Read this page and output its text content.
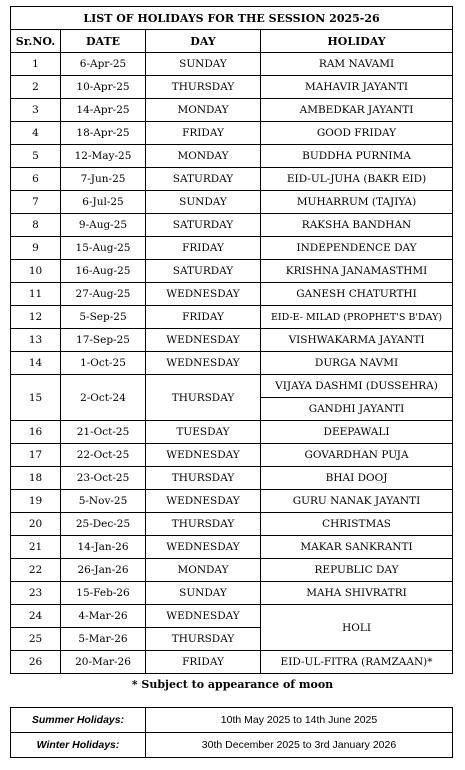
LIST OF HOLIDAYS FOR THE SESSION 2025-26			
Sr.NO.	DATE	DAY	HOLIDAY
1	6-Apr-25	SUNDAY	RAM NAVAMI
2	10-Apr-25	THURSDAY	MAHAVIR JAYANTI
3	14-Apr-25	MONDAY	AMBEDKAR JAYANTI
4	18-Apr-25	FRIDAY	GOOD FRIDAY
5	12-May-25	MONDAY	BUDDHA PURNIMA
6	7-Jun-25	SATURDAY	EID-UL-JUHA (BAKR EID)
7	6-Jul-25	SUNDAY	MUHARRUM (TAJIYA)
8	9-Aug-25	SATURDAY	RAKSHA BANDHAN
9	15-Aug-25	FRIDAY	INDEPENDENCE DAY
10	16-Aug-25	SATURDAY	KRISHNA JANAMASTHMI
11	27-Aug-25	WEDNESDAY	GANESH CHATURTHI
12	5-Sep-25	FRIDAY	EID-E- MILAD (PROPHET'S B'DAY)
13	17-Sep-25	WEDNESDAY	VISHWAKARMA JAYANTI
14	1-Oct-25	WEDNESDAY	DURGA NAVMI
15	2-Oct-24	THURSDAY	VIJAYA DASHMI (DUSSEHRA)
			GANDHI JAYANTI
16	21-Oct-25	TUESDAY	DEEPAWALI
17	22-Oct-25	WEDNESDAY	GOVARDHAN PUJA
18	23-Oct-25	THURSDAY	BHAI DOOJ
19	5-Nov-25	WEDNESDAY	GURU NANAK JAYANTI
20	25-Dec-25	THURSDAY	CHRISTMAS
21	14-Jan-26	WEDNESDAY	MAKAR SANKRANTI
22	26-Jan-26	MONDAY	REPUBLIC DAY
23	15-Feb-26	SUNDAY	MAHA SHIVRATRI
24	4-Mar-26	WEDNESDAY	HOLI
25	5-Mar-26	THURSDAY	
26	20-Mar-26	FRIDAY	EID-UL-FITRA (RAMZAAN)*
* Subject to appearance of moon
Summer Holidays:	10th May 2025 to 14th June 2025
Winter Holidays:	30th December 2025 to 3rd January 2026
